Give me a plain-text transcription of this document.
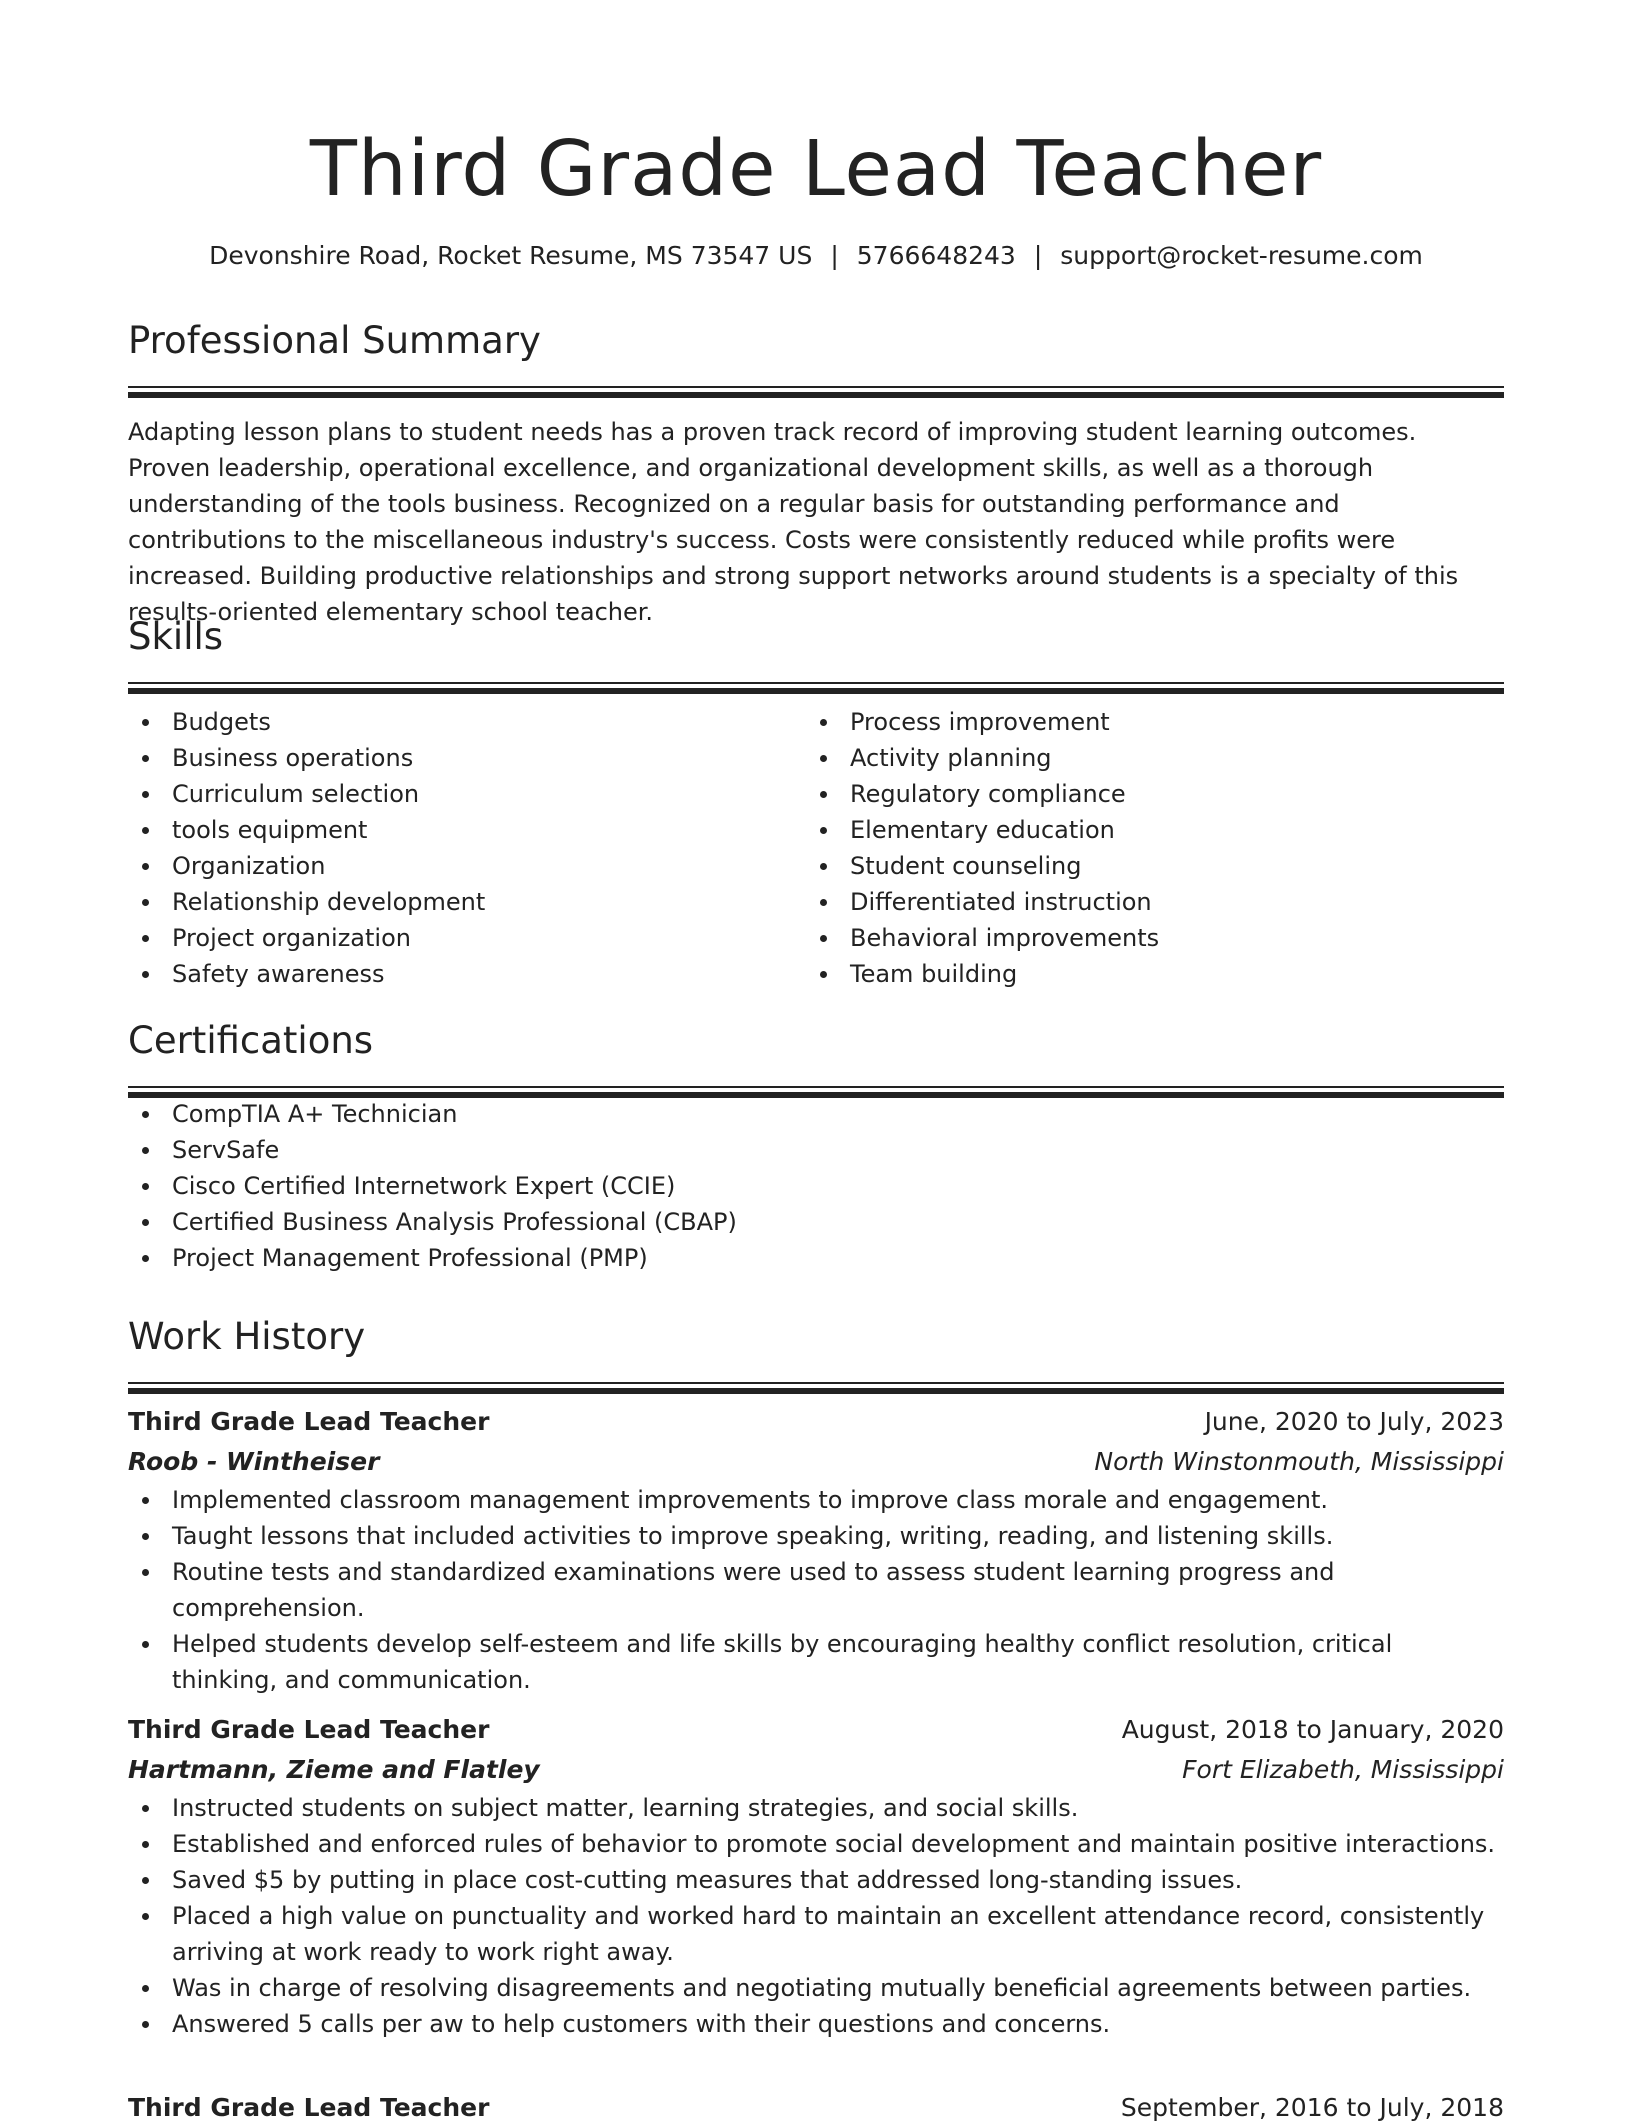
Third Grade Lead Teacher
Devonshire Road, Rocket Resume, MS 73547 US | 5766648243 | support@rocket-resume.com
Professional Summary
Adapting lesson plans to student needs has a proven track record of improving student learning outcomes. Proven leadership, operational excellence, and organizational development skills, as well as a thorough understanding of the tools business. Recognized on a regular basis for outstanding performance and contributions to the miscellaneous industry's success. Costs were consistently reduced while profits were increased. Building productive relationships and strong support networks around students is a specialty of this results-oriented elementary school teacher.
Skills
Budgets
Business operations
Curriculum selection
tools equipment
Organization
Relationship development
Project organization
Safety awareness
Process improvement
Activity planning
Regulatory compliance
Elementary education
Student counseling
Differentiated instruction
Behavioral improvements
Team building
Certifications
CompTIA A+ Technician
ServSafe
Cisco Certified Internetwork Expert (CCIE)
Certified Business Analysis Professional (CBAP)
Project Management Professional (PMP)
Work History
Third Grade Lead Teacher	June, 2020 to July, 2023
Roob - Wintheiser	North Winstonmouth, Mississippi
Implemented classroom management improvements to improve class morale and engagement.
Taught lessons that included activities to improve speaking, writing, reading, and listening skills.
Routine tests and standardized examinations were used to assess student learning progress and comprehension.
Helped students develop self-esteem and life skills by encouraging healthy conflict resolution, critical thinking, and communication.
Third Grade Lead Teacher	August, 2018 to January, 2020
Hartmann, Zieme and Flatley	Fort Elizabeth, Mississippi
Instructed students on subject matter, learning strategies, and social skills.
Established and enforced rules of behavior to promote social development and maintain positive interactions.
Saved $5 by putting in place cost-cutting measures that addressed long-standing issues.
Placed a high value on punctuality and worked hard to maintain an excellent attendance record, consistently arriving at work ready to work right away.
Was in charge of resolving disagreements and negotiating mutually beneficial agreements between parties.
Answered 5 calls per aw to help customers with their questions and concerns.
Third Grade Lead Teacher	September, 2016 to July, 2018
